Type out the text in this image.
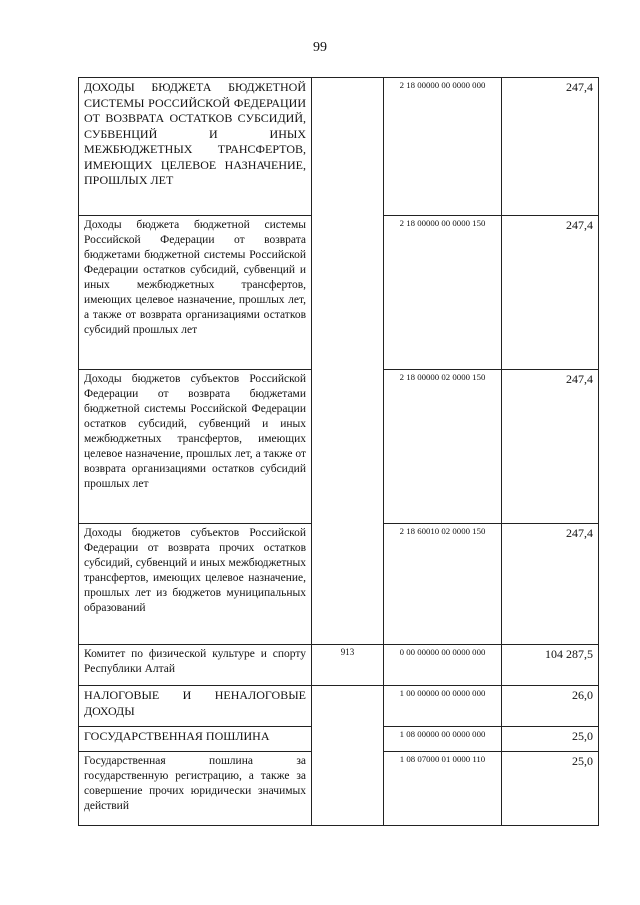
99
ДОХОДЫ БЮДЖЕТА БЮДЖЕТНОЙ СИСТЕМЫ РОССИЙСКОЙ ФЕДЕРАЦИИ ОТ ВОЗВРАТА ОСТАТКОВ СУБСИДИЙ, СУБВЕНЦИЙ И ИНЫХ МЕЖБЮДЖЕТНЫХ ТРАНСФЕРТОВ, ИМЕЮЩИХ ЦЕЛЕВОЕ НАЗНАЧЕНИЕ, ПРОШЛЫХ ЛЕТ		2 18 00000 00 0000 000	247,4
Доходы бюджета бюджетной системы Российской Федерации от возврата бюджетами бюджетной системы Российской Федерации остатков субсидий, субвенций и иных межбюджетных трансфертов, имеющих целевое назначение, прошлых лет, а также от возврата организациями остатков субсидий прошлых лет		2 18 00000 00 0000 150	247,4
Доходы бюджетов субъектов Российской Федерации от возврата бюджетами бюджетной системы Российской Федерации остатков субсидий, субвенций и иных межбюджетных трансфертов, имеющих целевое назначение, прошлых лет, а также от возврата организациями остатков субсидий прошлых лет		2 18 00000 02 0000 150	247,4
Доходы бюджетов субъектов Российской Федерации от возврата прочих остатков субсидий, субвенций и иных межбюджетных трансфертов, имеющих целевое назначение, прошлых лет из бюджетов муниципальных образований		2 18 60010 02 0000 150	247,4
Комитет по физической культуре и спорту Республики Алтай	913	0 00 00000 00 0000 000	104 287,5
НАЛОГОВЫЕ И НЕНАЛОГОВЫЕ ДОХОДЫ		1 00 00000 00 0000 000	26,0
ГОСУДАРСТВЕННАЯ ПОШЛИНА		1 08 00000 00 0000 000	25,0
Государственная пошлина за государственную регистрацию, а также за совершение прочих юридически значимых действий		1 08 07000 01 0000 110	25,0
